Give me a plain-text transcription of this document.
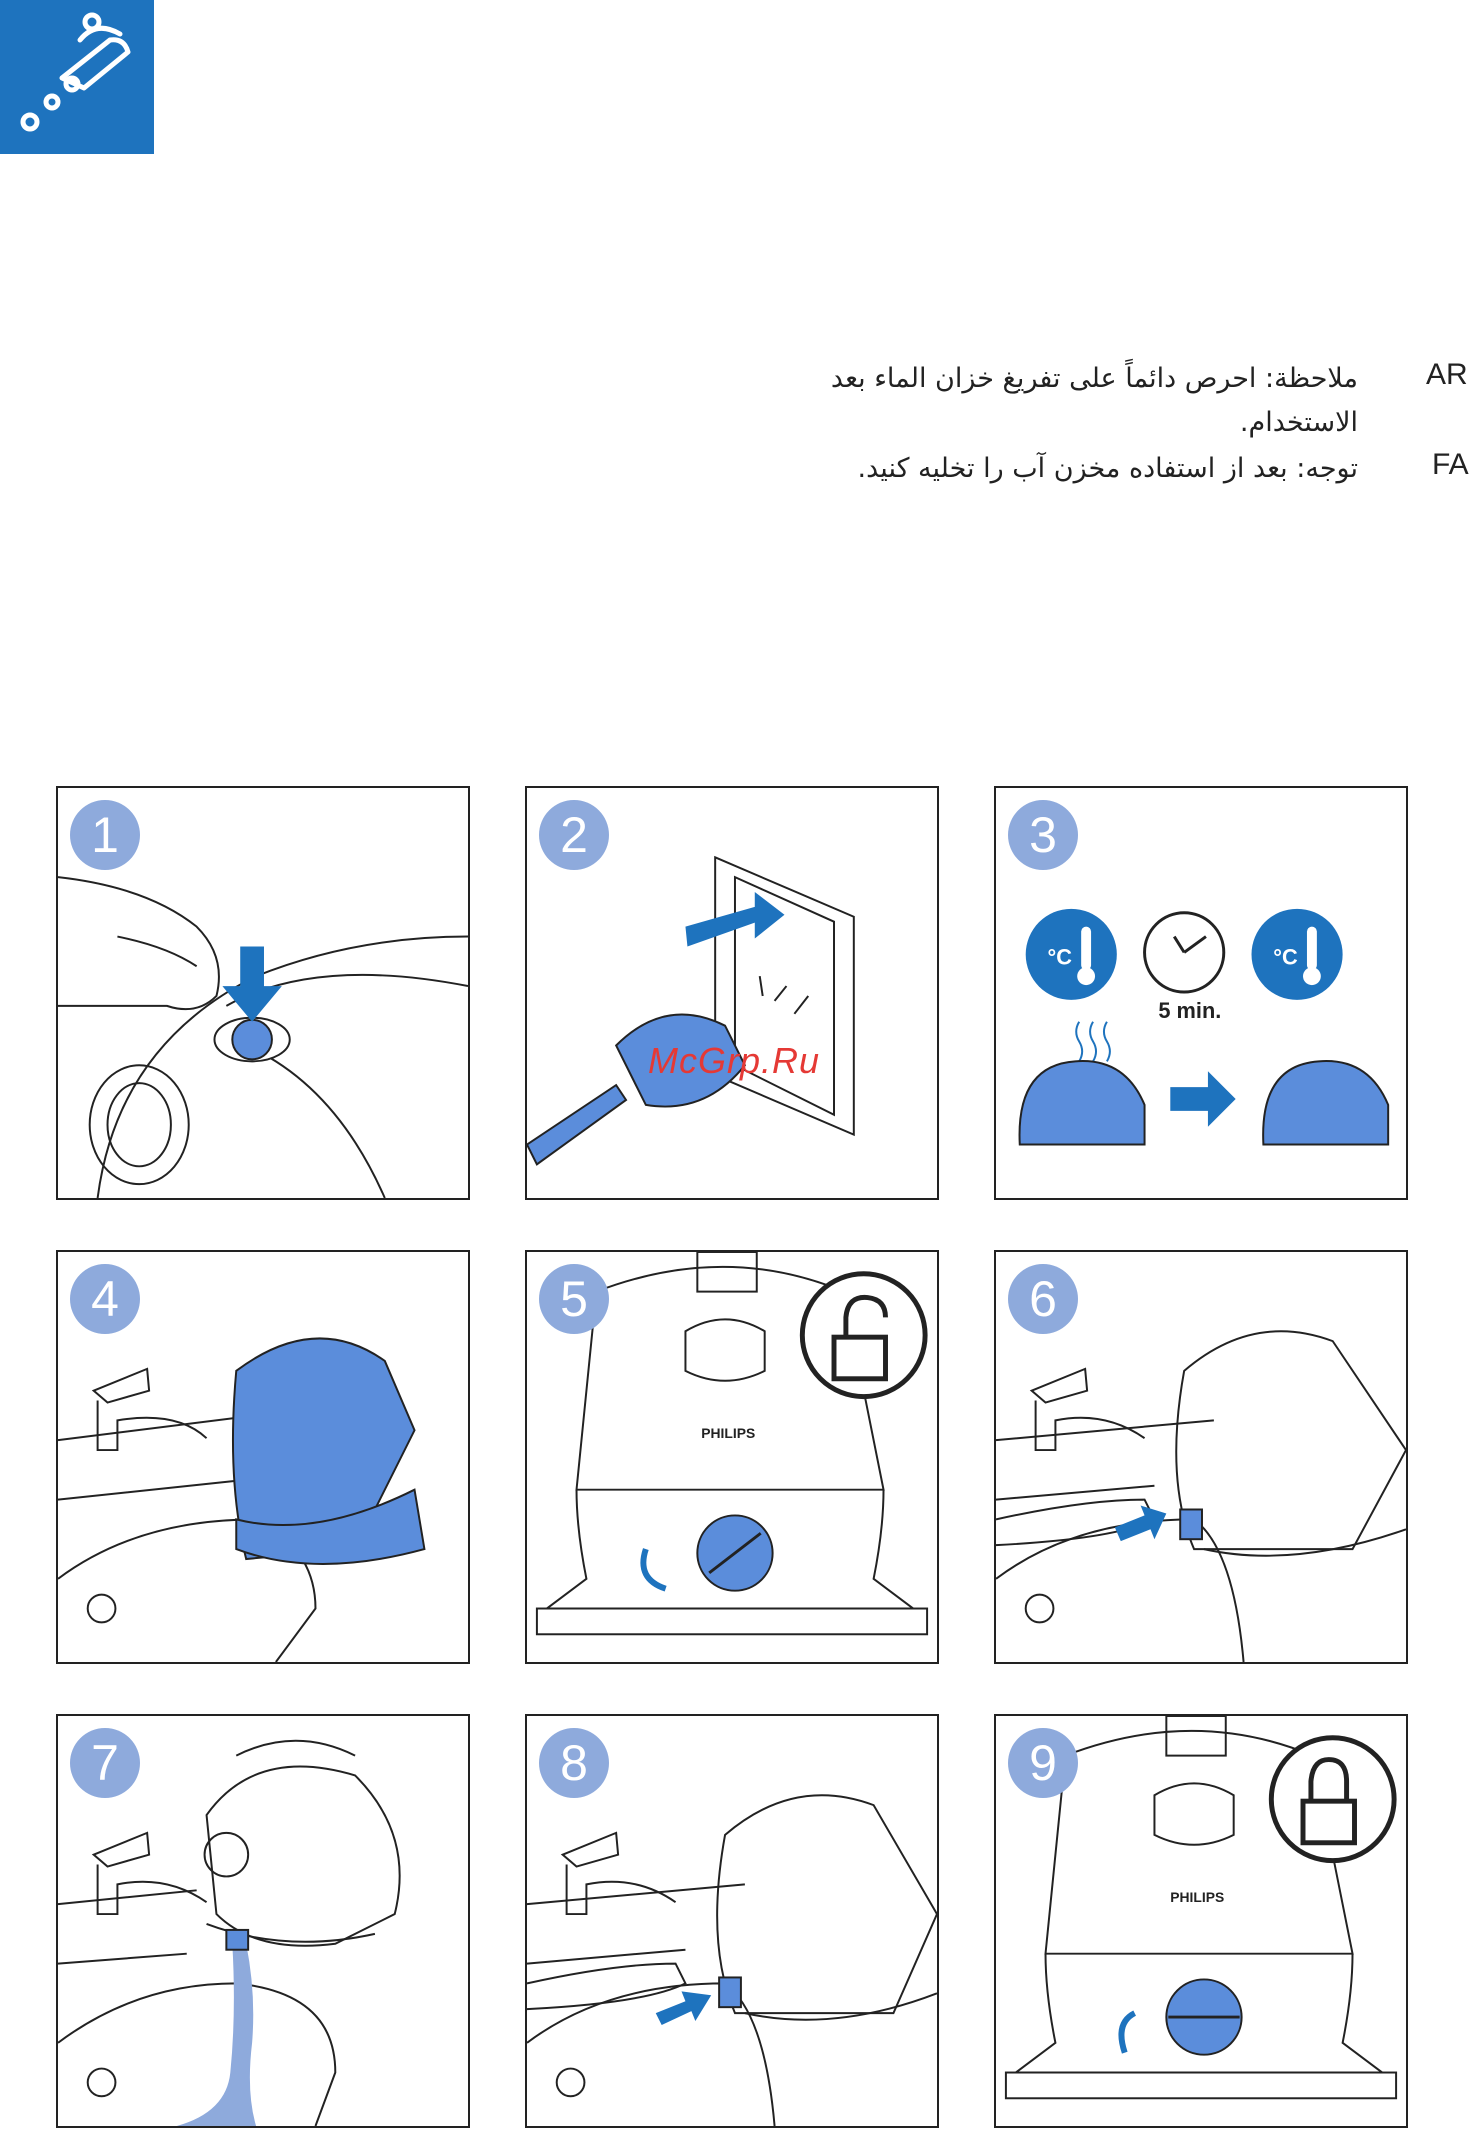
AR
ملاحظة: احرص دائماً على تفريغ خزان الماء بعد
الاستخدام.
FA
توجه: بعد از استفاده مخزن آب را تخلیه کنید.
1	2
°C	°C
5 min.
3
4
PHILIPS
5	6
7	8
PHILIPS
9
McGrp.Ru
